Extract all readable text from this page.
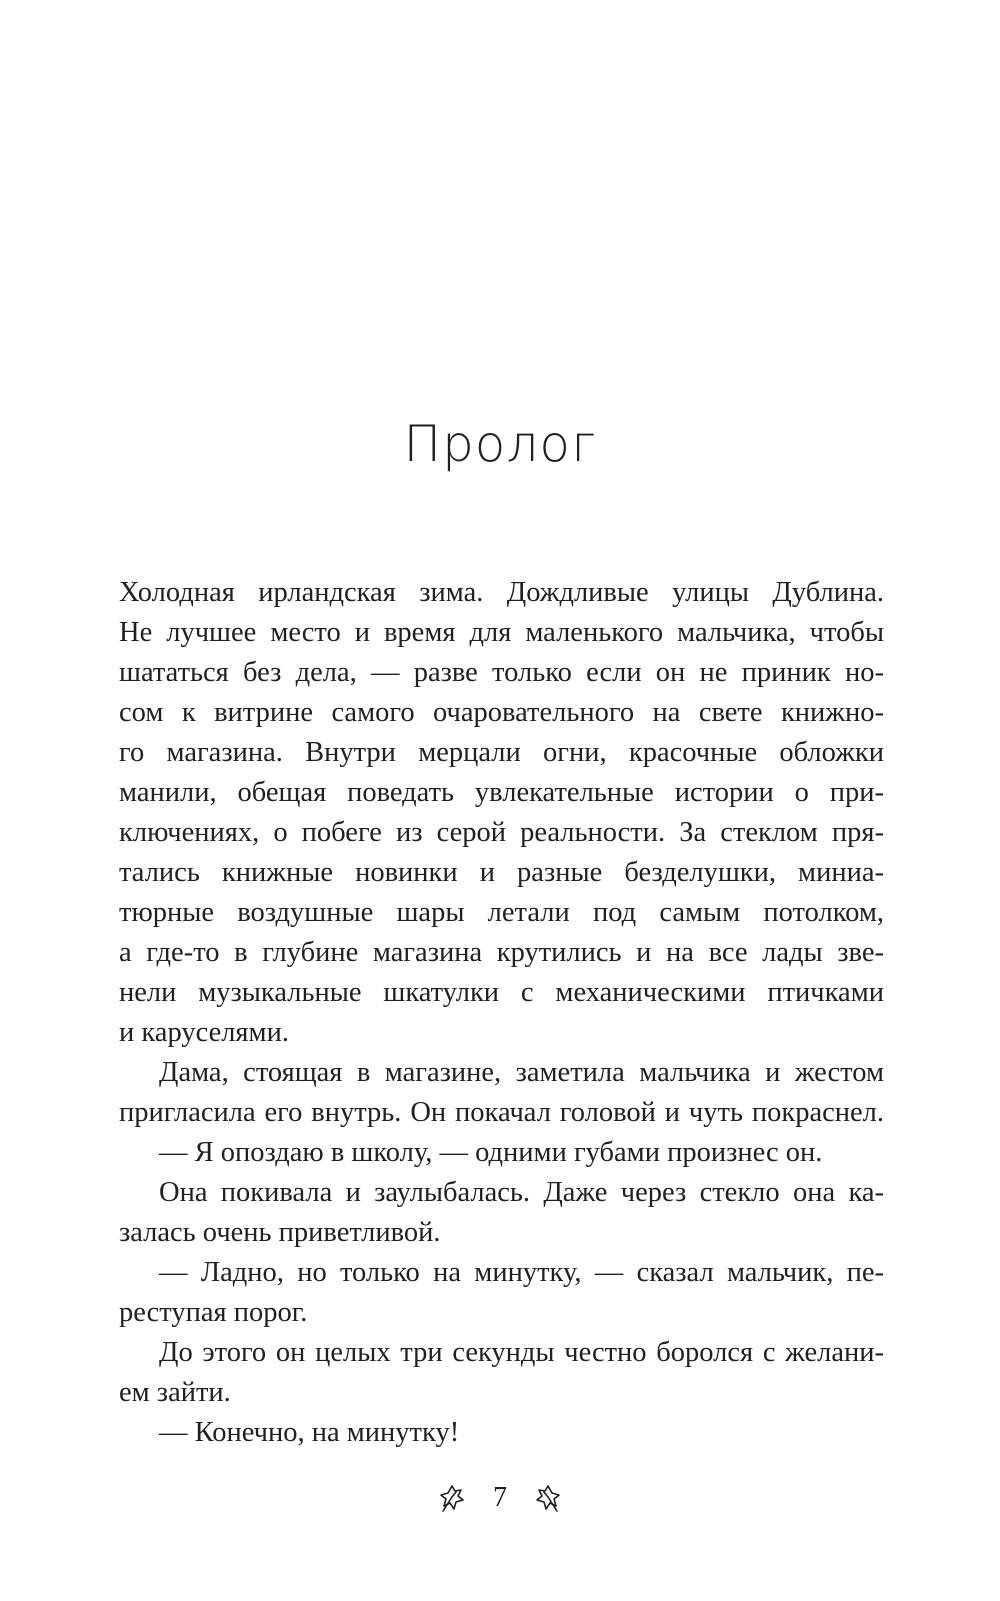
Пролог
Холодная ирландская зима. Дождливые улицы Дублина.
Не лучшее место и время для маленького мальчика, чтобы
шататься без дела, — разве только если он не приник но-
сом к витрине самого очаровательного на свете книжно-
го магазина. Внутри мерцали огни, красочные обложки
манили, обещая поведать увлекательные истории о при-
ключениях, о побеге из серой реальности. За стеклом пря-
тались книжные новинки и разные безделушки, миниа-
тюрные воздушные шары летали под самым потолком,
а где-то в глубине магазина крутились и на все лады зве-
нели музыкальные шкатулки с механическими птичками
и каруселями.
Дама, стоящая в магазине, заметила мальчика и жестом
пригласила его внутрь. Он покачал головой и чуть покраснел.
— Я опоздаю в школу, — одними губами произнес он.
Она покивала и заулыбалась. Даже через стекло она ка-
залась очень приветливой.
— Ладно, но только на минутку, — сказал мальчик, пе-
реступая порог.
До этого он целых три секунды честно боролся с желани-
ем зайти.
— Конечно, на минутку!
7
